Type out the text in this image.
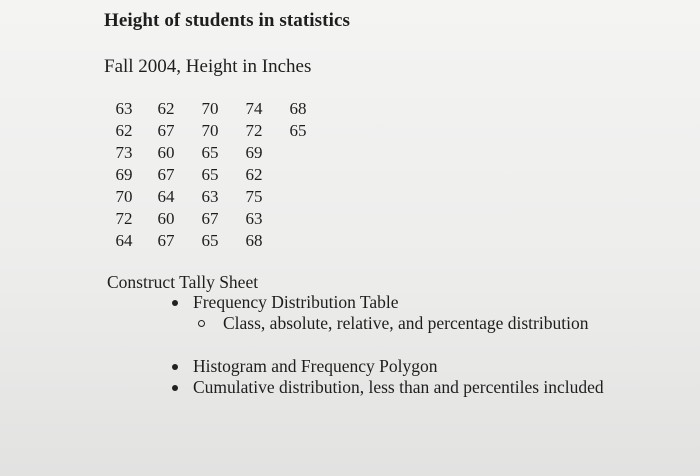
Height of students in statistics
Fall 2004, Height in Inches
63	62	70	74	68
62	67	70	72	65
73	60	65	69	
69	67	65	62	
70	64	63	75	
72	60	67	63	
64	67	65	68	
Construct Tally Sheet
Frequency Distribution Table
Class, absolute, relative, and percentage distribution
Histogram and Frequency Polygon
Cumulative distribution, less than and percentiles included
